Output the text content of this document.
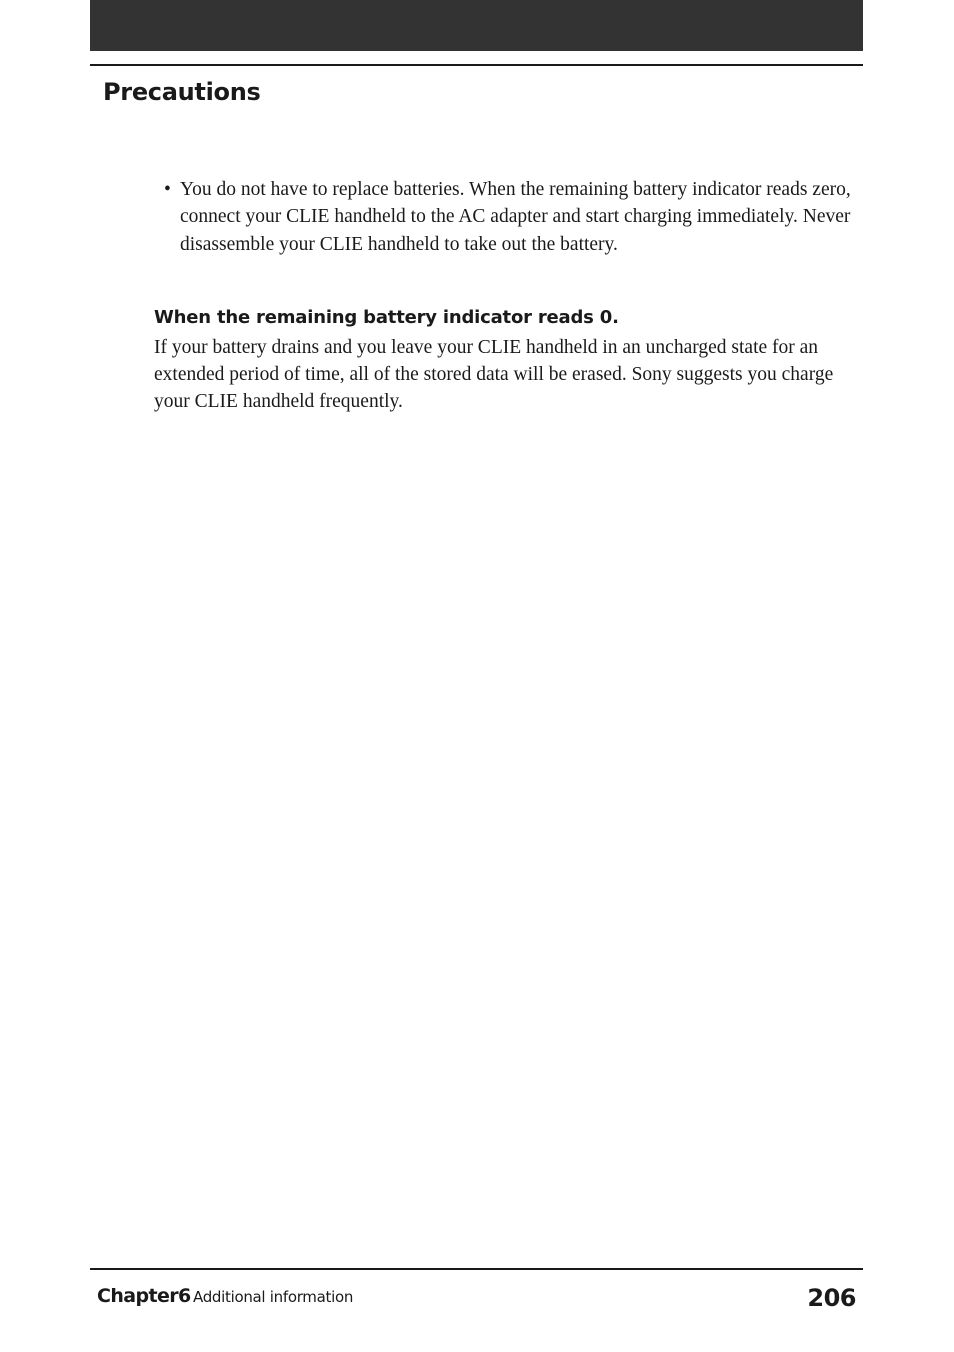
Precautions
• You do not have to replace batteries. When the remaining battery indicator reads zero, connect your CLIE handheld to the AC adapter and start charging immediately. Never disassemble your CLIE handheld to take out the battery.
When the remaining battery indicator reads 0.

If your battery drains and you leave your CLIE handheld in an uncharged state for an extended period of time, all of the stored data will be erased. Sony suggests you charge your CLIE handheld frequently.

Chapter6 Additional information	206
